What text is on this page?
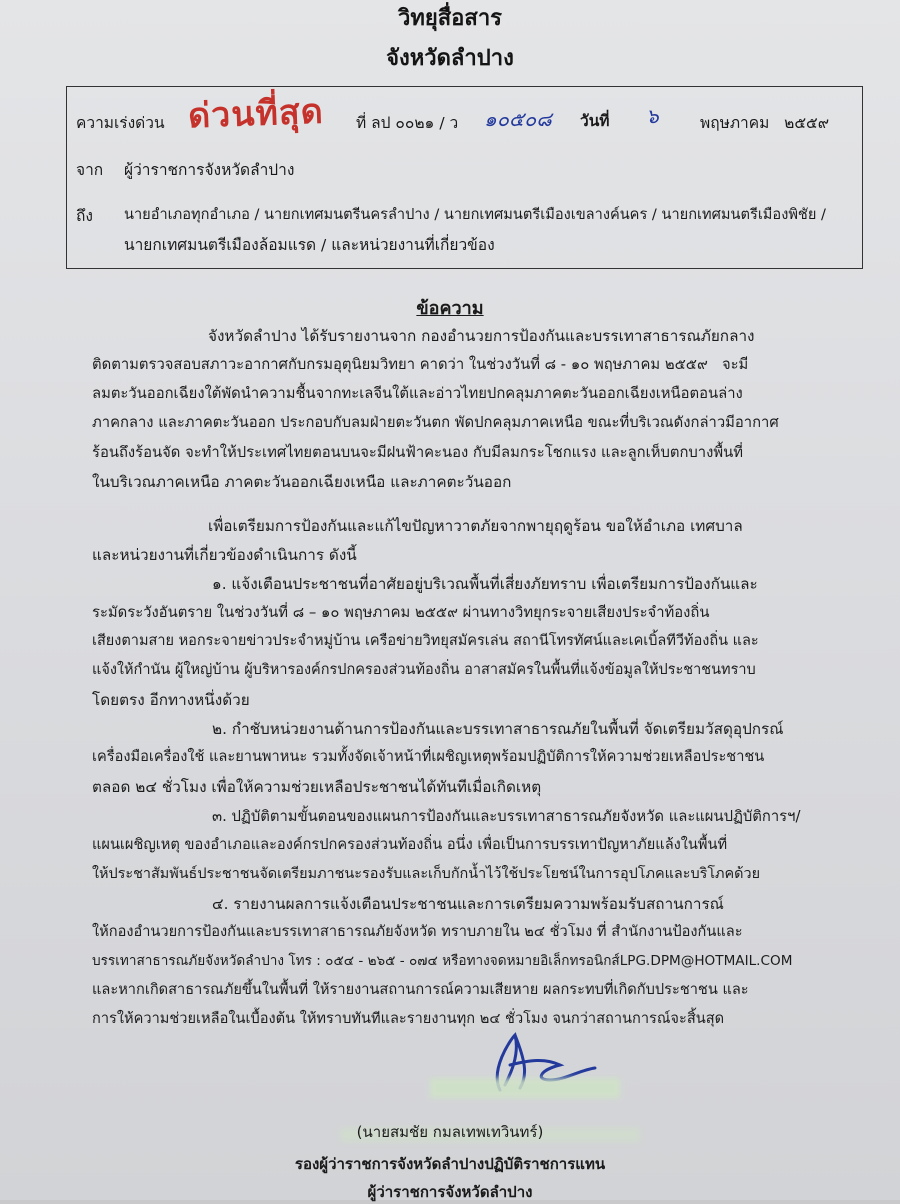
วิทยุสื่อสาร
จังหวัดลำปาง
ความเร่งด่วน ด่วนที่สุด ที่ ลป ๐๐๒๑ / ว ๑๐๕๐๘ วันที่ ๖	พฤษภาคม   ๒๕๕๙
จาก ผู้ว่าราชการจังหวัดลำปาง
ถึง นายอำเภอทุกอำเภอ / นายกเทศมนตรีนครลำปาง / นายกเทศมนตรีเมืองเขลางค์นคร / นายกเทศมนตรีเมืองพิชัย /
นายกเทศมนตรีเมืองล้อมแรด / และหน่วยงานที่เกี่ยวข้อง
ข้อความ
จังหวัดลำปาง ได้รับรายงานจาก กองอำนวยการป้องกันและบรรเทาสาธารณภัยกลาง
ติดตามตรวจสอบสภาวะอากาศกับกรมอุตุนิยมวิทยา คาดว่า ในช่วงวันที่ ๘ - ๑๐ พฤษภาคม ๒๕๕๙   จะมี
ลมตะวันออกเฉียงใต้พัดนำความชื้นจากทะเลจีนใต้และอ่าวไทยปกคลุมภาคตะวันออกเฉียงเหนือตอนล่าง
ภาคกลาง และภาคตะวันออก ประกอบกับลมฝ่ายตะวันตก พัดปกคลุมภาคเหนือ ขณะที่บริเวณดังกล่าวมีอากาศ
ร้อนถึงร้อนจัด จะทำให้ประเทศไทยตอนบนจะมีฝนฟ้าคะนอง กับมีลมกระโชกแรง และลูกเห็บตกบางพื้นที่
ในบริเวณภาคเหนือ ภาคตะวันออกเฉียงเหนือ และภาคตะวันออก
เพื่อเตรียมการป้องกันและแก้ไขปัญหาวาตภัยจากพายุฤดูร้อน ขอให้อำเภอ เทศบาล
และหน่วยงานที่เกี่ยวข้องดำเนินการ ดังนี้
๑. แจ้งเตือนประชาชนที่อาศัยอยู่บริเวณพื้นที่เสี่ยงภัยทราบ เพื่อเตรียมการป้องกันและ
ระมัดระวังอันตราย ในช่วงวันที่ ๘ – ๑๐ พฤษภาคม ๒๕๕๙ ผ่านทางวิทยุกระจายเสียงประจำท้องถิ่น
เสียงตามสาย หอกระจายข่าวประจำหมู่บ้าน เครือข่ายวิทยุสมัครเล่น สถานีโทรทัศน์และเคเบิ้ลทีวีท้องถิ่น และ
แจ้งให้กำนัน ผู้ใหญ่บ้าน ผู้บริหารองค์กรปกครองส่วนท้องถิ่น อาสาสมัครในพื้นที่แจ้งข้อมูลให้ประชาชนทราบ
โดยตรง อีกทางหนึ่งด้วย
๒. กำชับหน่วยงานด้านการป้องกันและบรรเทาสาธารณภัยในพื้นที่ จัดเตรียมวัสดุอุปกรณ์
เครื่องมือเครื่องใช้ และยานพาหนะ รวมทั้งจัดเจ้าหน้าที่เผชิญเหตุพร้อมปฏิบัติการให้ความช่วยเหลือประชาชน
ตลอด ๒๔ ชั่วโมง เพื่อให้ความช่วยเหลือประชาชนได้ทันทีเมื่อเกิดเหตุ
๓. ปฏิบัติตามขั้นตอนของแผนการป้องกันและบรรเทาสาธารณภัยจังหวัด และแผนปฏิบัติการฯ/
แผนเผชิญเหตุ ของอำเภอและองค์กรปกครองส่วนท้องถิ่น อนึ่ง เพื่อเป็นการบรรเทาปัญหาภัยแล้งในพื้นที่
ให้ประชาสัมพันธ์ประชาชนจัดเตรียมภาชนะรองรับและเก็บกักน้ำไว้ใช้ประโยชน์ในการอุปโภคและบริโภคด้วย
๔. รายงานผลการแจ้งเตือนประชาชนและการเตรียมความพร้อมรับสถานการณ์
ให้กองอำนวยการป้องกันและบรรเทาสาธารณภัยจังหวัด ทราบภายใน ๒๔ ชั่วโมง ที่ สำนักงานป้องกันและ
บรรเทาสาธารณภัยจังหวัดลำปาง โทร : ๐๕๔ - ๒๖๕ - ๐๗๔ หรือทางจดหมายอิเล็กทรอนิกส์LPG.DPM@HOTMAIL.COM
และหากเกิดสาธารณภัยขึ้นในพื้นที่ ให้รายงานสถานการณ์ความเสียหาย ผลกระทบที่เกิดกับประชาชน และ
การให้ความช่วยเหลือในเบื้องต้น ให้ทราบทันทีและรายงานทุก ๒๔ ชั่วโมง จนกว่าสถานการณ์จะสิ้นสุด
(นายสมชัย กมลเทพเทวินทร์)
รองผู้ว่าราชการจังหวัดลำปางปฏิบัติราชการแทน
ผู้ว่าราชการจังหวัดลำปาง
